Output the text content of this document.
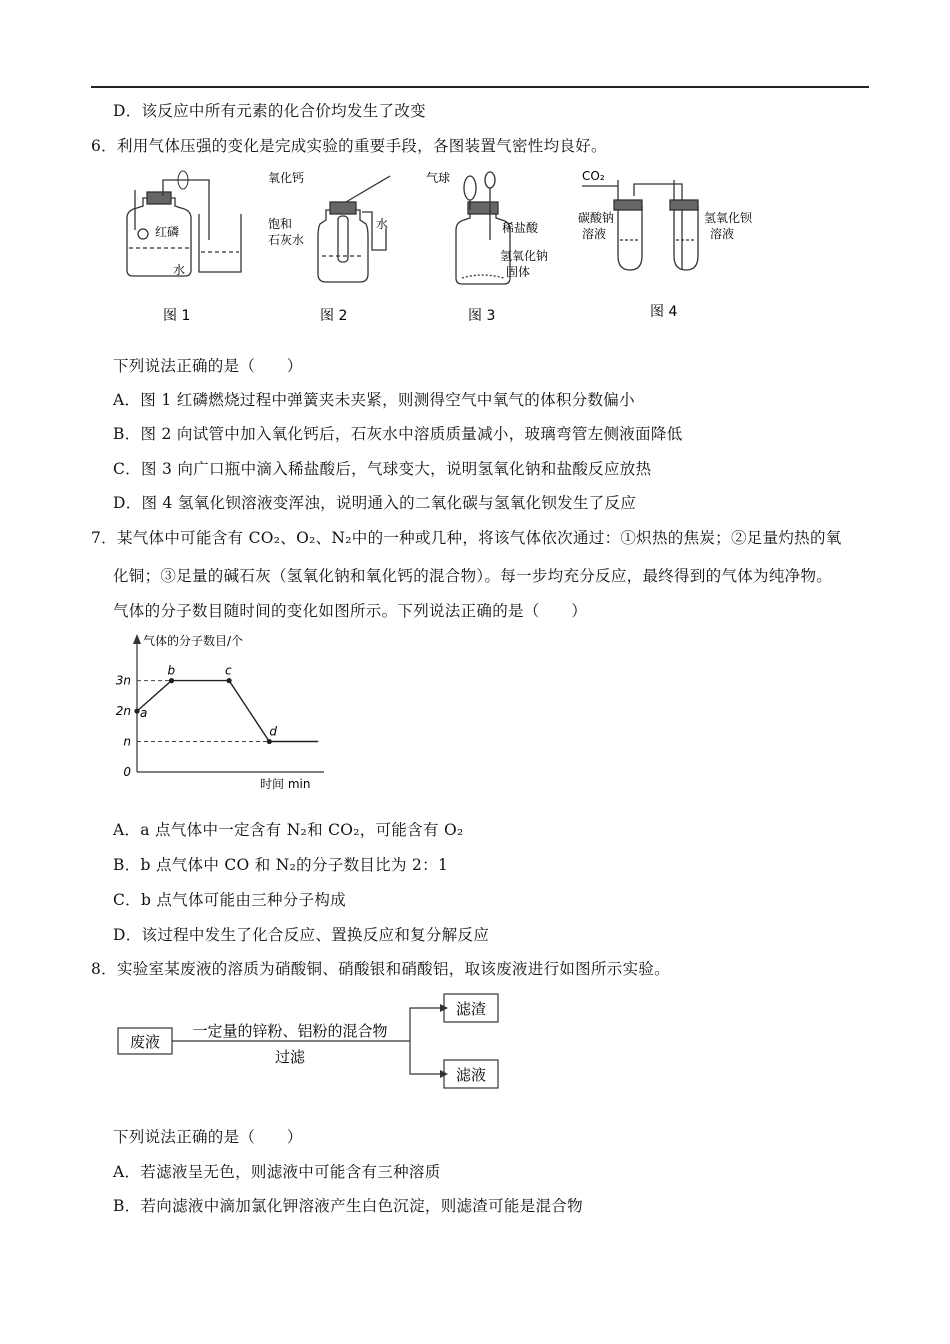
D．该反应中所有元素的化合价均发生了改变
6．利用气体压强的变化是完成实验的重要手段，各图装置气密性均良好。
红磷
水
图 1
氧化钙
饱和
石灰水
水
图 2
气球
稀盐酸
氢氧化钠
固体
图 3
CO₂
碳酸钠
溶液
氢氧化钡
溶液
图 4
下列说法正确的是（　　）
A．图 1 红磷燃烧过程中弹簧夹未夹紧，则测得空气中氧气的体积分数偏小
B．图 2 向试管中加入氧化钙后，石灰水中溶质质量减小，玻璃弯管左侧液面降低
C．图 3 向广口瓶中滴入稀盐酸后，气球变大，说明氢氧化钠和盐酸反应放热
D．图 4 氢氧化钡溶液变浑浊，说明通入的二氧化碳与氢氧化钡发生了反应
7．某气体中可能含有 CO₂、O₂、N₂中的一种或几种，将该气体依次通过：①炽热的焦炭；②足量灼热的氧
化铜；③足量的碱石灰（氢氧化钠和氧化钙的混合物）。每一步均充分反应，最终得到的气体为纯净物。
气体的分子数目随时间的变化如图所示。下列说法正确的是（　　）
气体的分子数目/个
时间 min
0
n
2n
3n
a
b	c
d
A．a 点气体中一定含有 N₂和 CO₂，可能含有 O₂
B．b 点气体中 CO 和 N₂的分子数目比为 2：1
C．b 点气体可能由三种分子构成
D．该过程中发生了化合反应、置换反应和复分解反应
8．实验室某废液的溶质为硝酸铜、硝酸银和硝酸铝，取该废液进行如图所示实验。
废液
一定量的锌粉、铝粉的混合物
过滤
滤渣
滤液
下列说法正确的是（　　）
A．若滤液呈无色，则滤液中可能含有三种溶质
B．若向滤液中滴加氯化钾溶液产生白色沉淀，则滤渣可能是混合物
